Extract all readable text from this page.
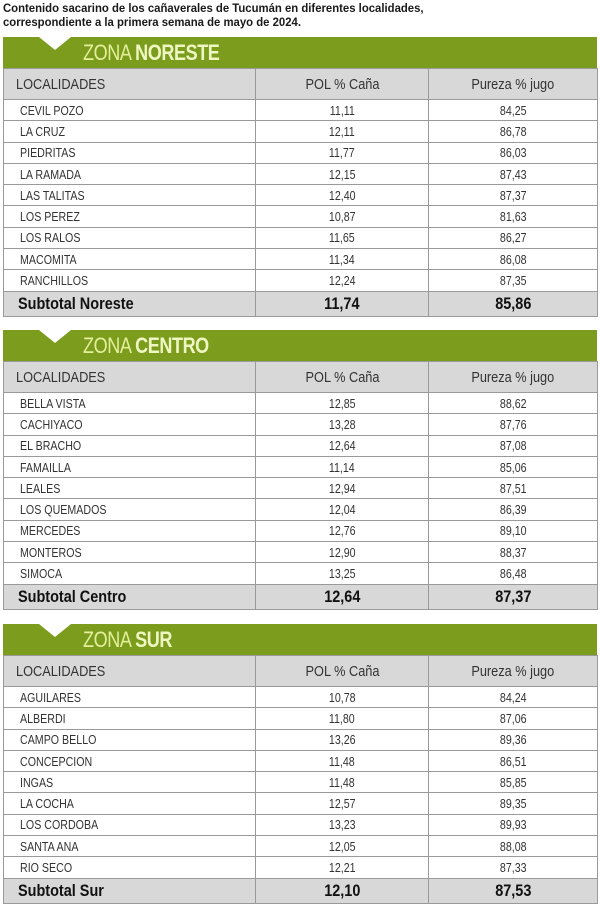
Contenido sacarino de los cañaverales de Tucumán en diferentes localidades,
correspondiente a la primera semana de mayo de 2024.
ZONA NORESTE
LOCALIDADES	POL % Caña	Pureza % jugo
CEVIL POZO	11,11	84,25
LA CRUZ	12,11	86,78
PIEDRITAS	11,77	86,03
LA RAMADA	12,15	87,43
LAS TALITAS	12,40	87,37
LOS PEREZ	10,87	81,63
LOS RALOS	11,65	86,27
MACOMITA	11,34	86,08
RANCHILLOS	12,24	87,35
Subtotal Noreste	11,74	85,86
ZONA CENTRO
LOCALIDADES	POL % Caña	Pureza % jugo
BELLA VISTA	12,85	88,62
CACHIYACO	13,28	87,76
EL BRACHO	12,64	87,08
FAMAILLA	11,14	85,06
LEALES	12,94	87,51
LOS QUEMADOS	12,04	86,39
MERCEDES	12,76	89,10
MONTEROS	12,90	88,37
SIMOCA	13,25	86,48
Subtotal Centro	12,64	87,37
ZONA SUR
LOCALIDADES	POL % Caña	Pureza % jugo
AGUILARES	10,78	84,24
ALBERDI	11,80	87,06
CAMPO BELLO	13,26	89,36
CONCEPCION	11,48	86,51
INGAS	11,48	85,85
LA COCHA	12,57	89,35
LOS CORDOBA	13,23	89,93
SANTA ANA	12,05	88,08
RIO SECO	12,21	87,33
Subtotal Sur	12,10	87,53
